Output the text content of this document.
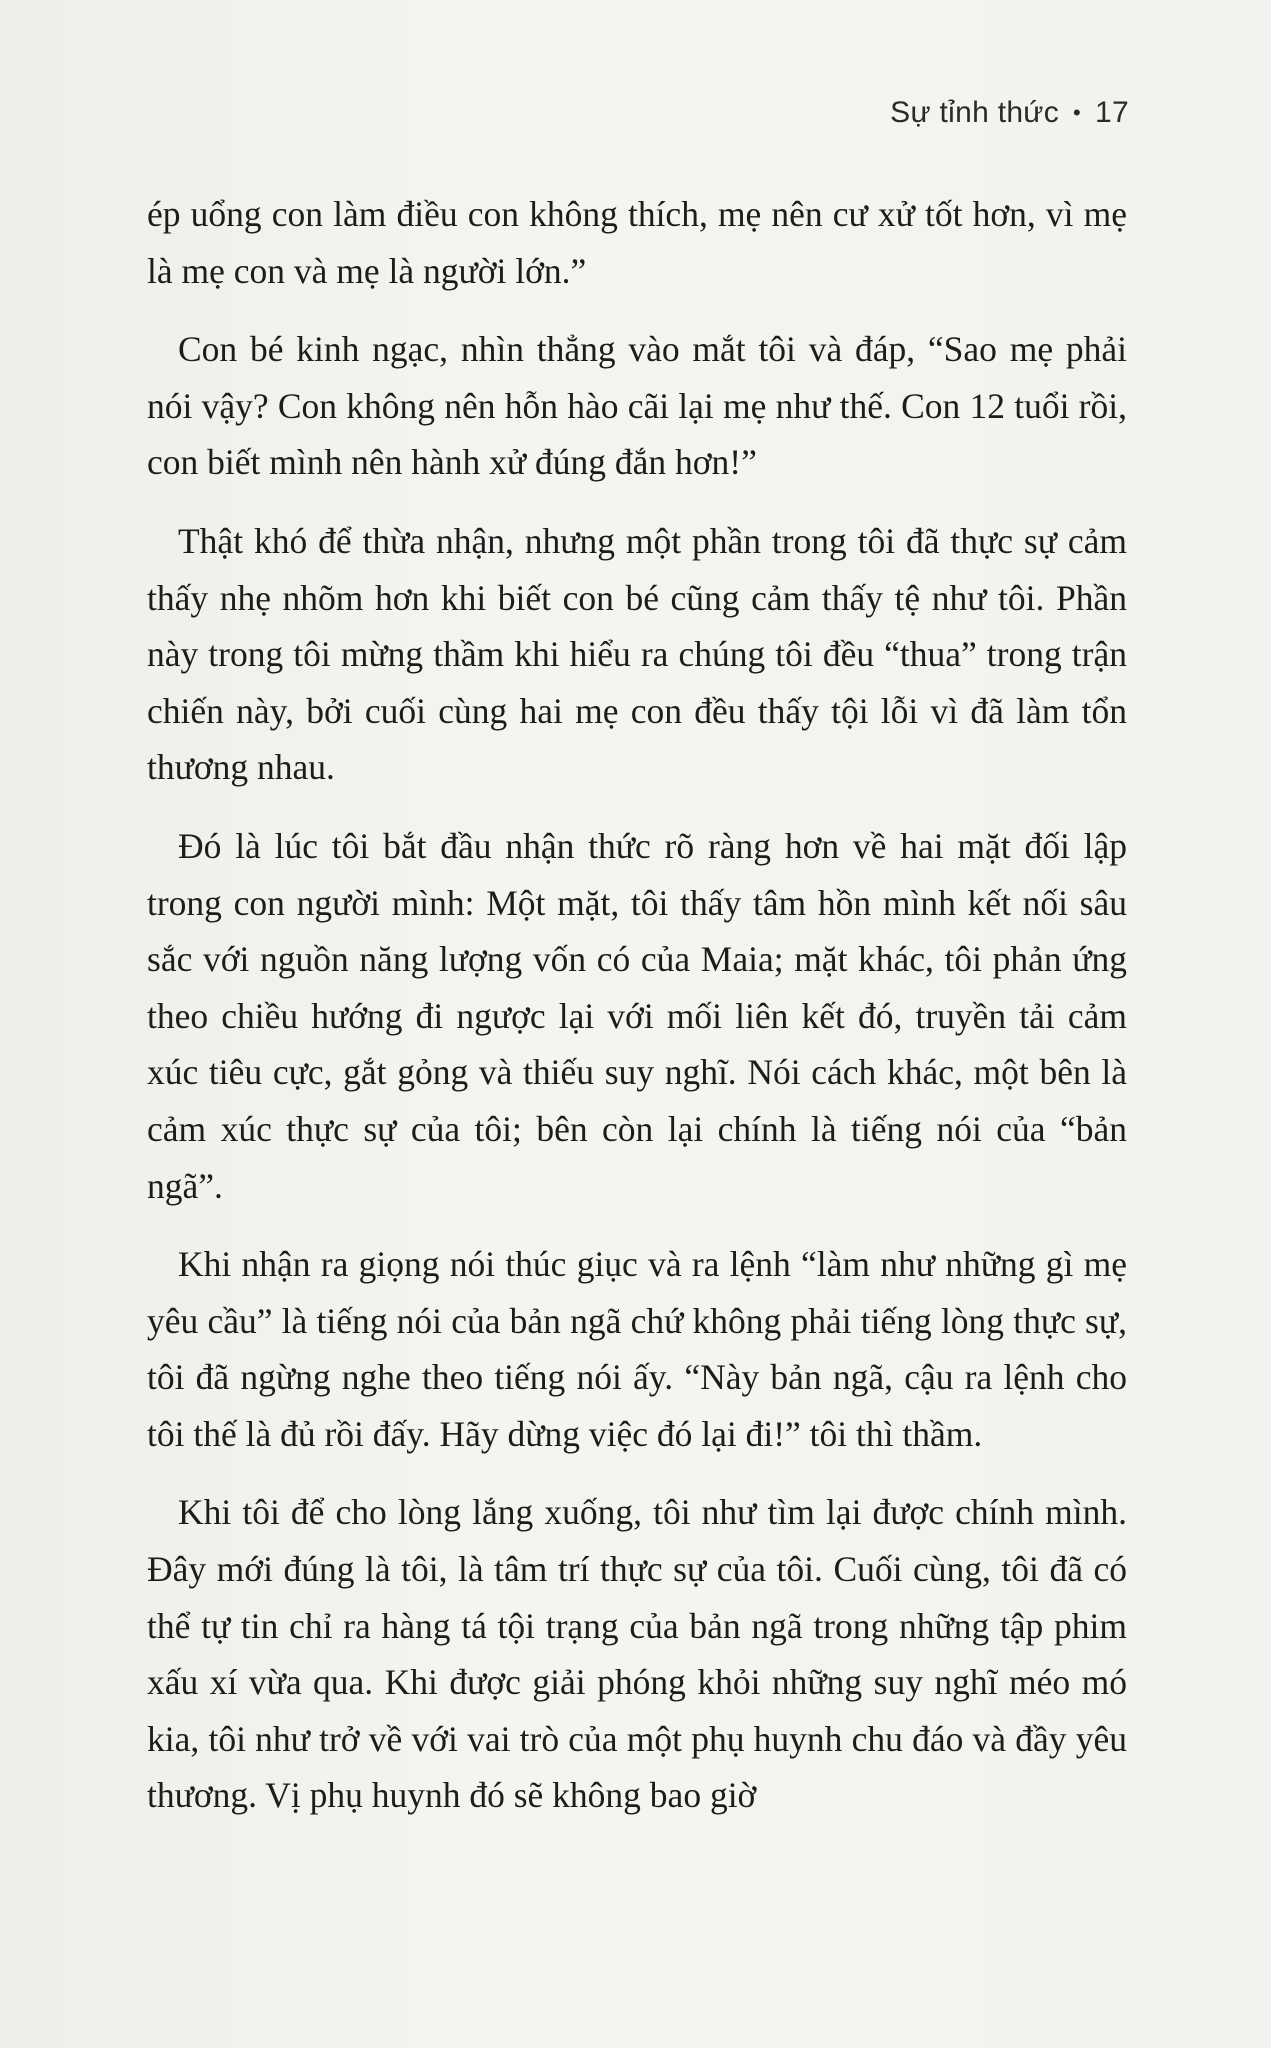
Sự tỉnh thức • 17

ép uổng con làm điều con không thích, mẹ nên cư xử tốt hơn, vì mẹ là mẹ con và mẹ là người lớn.”

Con bé kinh ngạc, nhìn thẳng vào mắt tôi và đáp, “Sao mẹ phải nói vậy? Con không nên hỗn hào cãi lại mẹ như thế. Con 12 tuổi rồi, con biết mình nên hành xử đúng đắn hơn!”

Thật khó để thừa nhận, nhưng một phần trong tôi đã thực sự cảm thấy nhẹ nhõm hơn khi biết con bé cũng cảm thấy tệ như tôi. Phần này trong tôi mừng thầm khi hiểu ra chúng tôi đều “thua” trong trận chiến này, bởi cuối cùng hai mẹ con đều thấy tội lỗi vì đã làm tổn thương nhau.

Đó là lúc tôi bắt đầu nhận thức rõ ràng hơn về hai mặt đối lập trong con người mình: Một mặt, tôi thấy tâm hồn mình kết nối sâu sắc với nguồn năng lượng vốn có của Maia; mặt khác, tôi phản ứng theo chiều hướng đi ngược lại với mối liên kết đó, truyền tải cảm xúc tiêu cực, gắt gỏng và thiếu suy nghĩ. Nói cách khác, một bên là cảm xúc thực sự của tôi; bên còn lại chính là tiếng nói của “bản ngã”.

Khi nhận ra giọng nói thúc giục và ra lệnh “làm như những gì mẹ yêu cầu” là tiếng nói của bản ngã chứ không phải tiếng lòng thực sự, tôi đã ngừng nghe theo tiếng nói ấy. “Này bản ngã, cậu ra lệnh cho tôi thế là đủ rồi đấy. Hãy dừng việc đó lại đi!” tôi thì thầm.

Khi tôi để cho lòng lắng xuống, tôi như tìm lại được chính mình. Đây mới đúng là tôi, là tâm trí thực sự của tôi. Cuối cùng, tôi đã có thể tự tin chỉ ra hàng tá tội trạng của bản ngã trong những tập phim xấu xí vừa qua. Khi được giải phóng khỏi những suy nghĩ méo mó kia, tôi như trở về với vai trò của một phụ huynh chu đáo và đầy yêu thương. Vị phụ huynh đó sẽ không bao giờ
